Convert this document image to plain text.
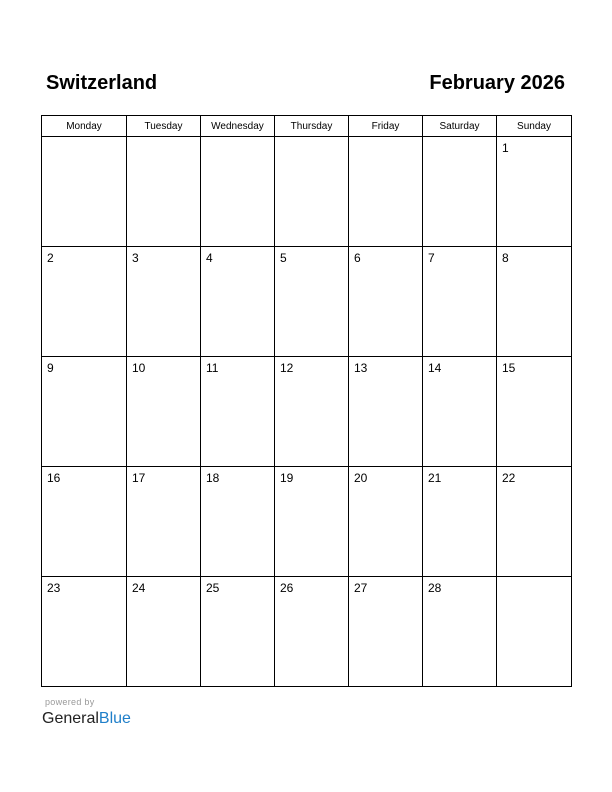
Switzerland	February 2026
Monday	Tuesday	Wednesday	Thursday	Friday	Saturday	Sunday

						1

2	3	4	5	6	7	8

9	10	11	12	13	14	15

16	17	18	19	20	21	22

23	24	25	26	27	28	

powered by
GeneralBlue
